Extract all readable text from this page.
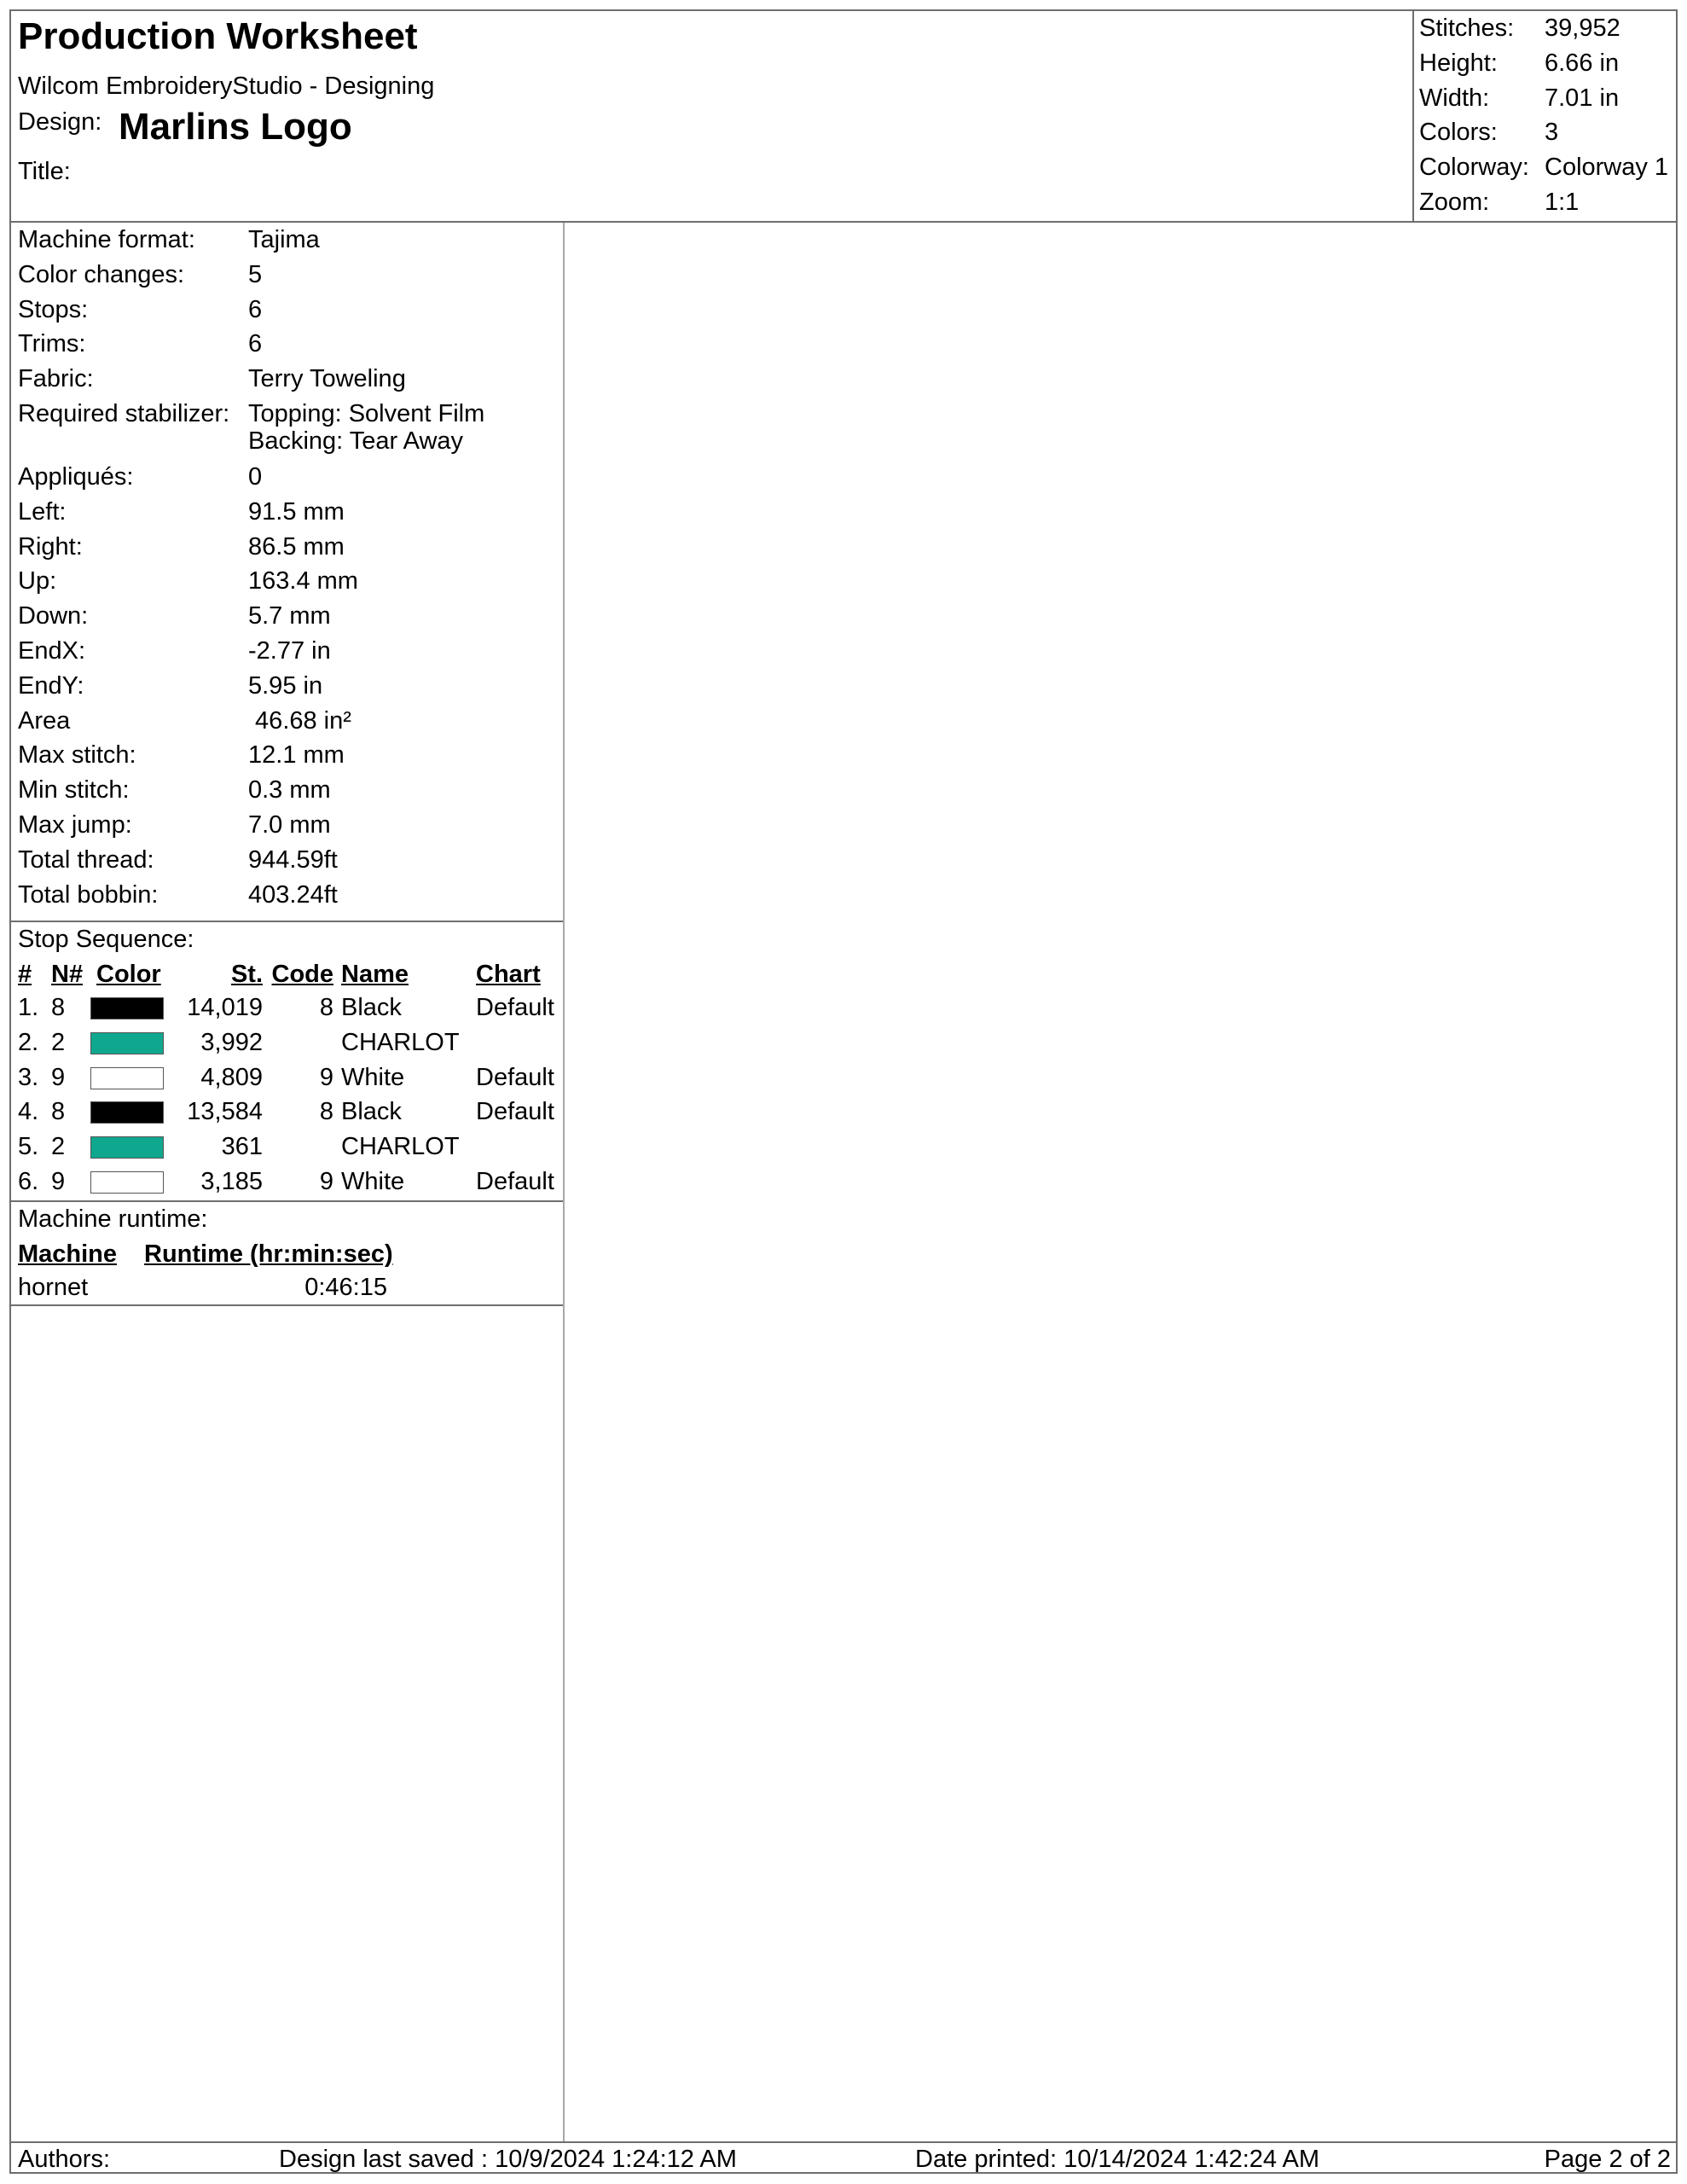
Production Worksheet
Wilcom EmbroideryStudio - Designing
Design: Marlins Logo
Title:
Stitches: 39,952
Height: 6.66 in
Width: 7.01 in
Colors: 3
Colorway: Colorway 1
Zoom: 1:1
Machine format: Tajima
Color changes:	5
Stops:	6
Trims:	6
Fabric:	Terry Toweling
Required stabilizer: Topping: Solvent Film
Backing: Tear Away
Appliqués:	0
Left:	91.5 mm
Right:	86.5 mm
Up:	163.4 mm
Down:	5.7 mm
EndX:	-2.77 in
EndY:	5.95 in
Area	46.68 in²
Max stitch:	12.1 mm
Min stitch:	0.3 mm
Max jump:	7.0 mm
Total thread:	944.59ft
Total bobbin:	403.24ft
Stop Sequence:
# N# Color	St. Code Name	Chart
1. 8	14,019 8 Black	Default
2. 2	3,992	CHARLOT
3. 9	4,809 9 White	Default
4. 8	13,584 8 Black	Default
5. 2	361	CHARLOT
6. 9	3,185 9 White	Default
Machine runtime:
Machine Runtime (hr:min:sec)
hornet	0:46:15
Authors:	Design last saved : 10/9/2024 1:24:12 AM	Date printed: 10/14/2024 1:42:24 AM	Page 2 of 2
